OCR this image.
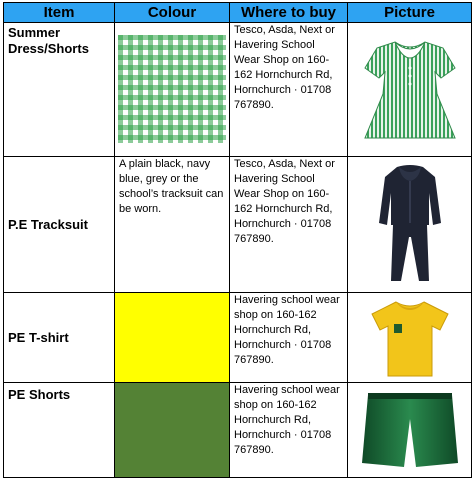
Item	Colour	Where to buy	Picture

Summer
Dress/Shorts		Tesco, Asda, Next or Havering School Wear Shop on 160-162 Hornchurch Rd, Hornchurch · 01708 767890.

P.E Tracksuit	A plain black, navy blue, grey or the school’s tracksuit can be worn.	Tesco, Asda, Next or Havering School Wear Shop on 160-162 Hornchurch Rd, Hornchurch · 01708 767890.

PE T-shirt		Havering school wear shop on 160-162 Hornchurch Rd, Hornchurch · 01708 767890.

PE Shorts		Havering school wear shop on 160-162 Hornchurch Rd, Hornchurch · 01708 767890.
